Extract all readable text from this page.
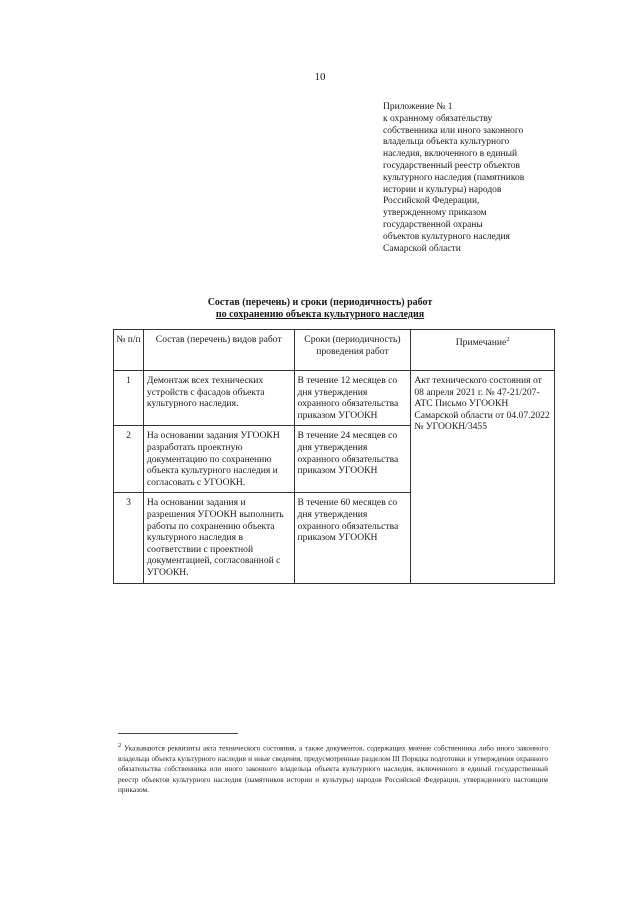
10
Приложение № 1
к охранному обязательству
собственника или иного законного
владельца объекта культурного
наследия, включенного в единый
государственный реестр объектов
культурного наследия (памятников
истории и культуры) народов
Российской Федерации,
утвержденному приказом
государственной охраны
объектов культурного наследия
Самарской области
Состав (перечень) и сроки (периодичность) работ
по сохранению объекта культурного наследия
№ п/п	Состав (перечень) видов работ	Сроки (периодичность) проведения работ	Примечание$^2$
1	Демонтаж всех технических устройств с фасадов объекта культурного наследия.	В течение 12 месяцев со дня утверждения охранного обязательства приказом УГООКН	Акт технического состояния от 08 апреля 2021 г. № 47-21/207-АТС Письмо УГООКН Самарской области от 04.07.2022 № УГООКН/3455
2	На основании задания УГООКН разработать проектную документацию по сохранению объекта культурного наследия и согласовать с УГООКН.	В течение 24 месяцев со дня утверждения охранного обязательства приказом УГООКН	
3	На основании задания и разрешения УГООКН выполнить работы по сохранению объекта культурного наследия в соответствии с проектной документацией, согласованной с УГООКН.	В течение 60 месяцев со дня утверждения охранного обязательства приказом УГООКН	
$^2$ Указываются реквизиты акта технического состояния, а также документов, содержащих мнение собственника либо иного законного владельца объекта культурного наследия и иные сведения, предусмотренные разделом III Порядка подготовки и утверждения охранного обязательства собственника или иного законного владельца объекта культурного наследия, включенного в единый государственный реестр объектов культурного наследия (памятников истории и культуры) народов Российской Федерации, утвержденного настоящим приказом.
